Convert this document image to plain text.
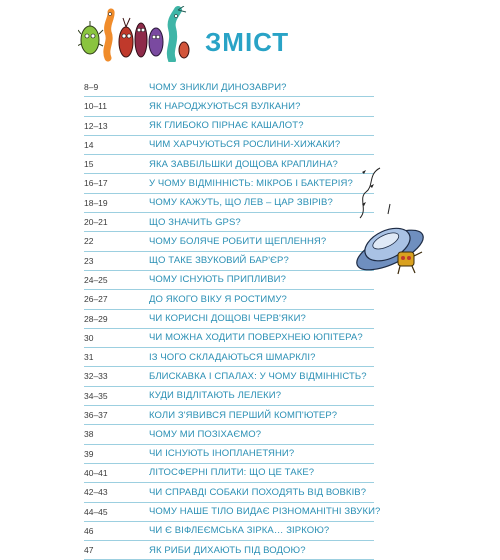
ЗМІСТ
8–9	ЧОМУ ЗНИКЛИ ДИНОЗАВРИ?
10–11	ЯК НАРОДЖУЮТЬСЯ ВУЛКАНИ?
12–13	ЯК ГЛИБОКО ПІРНАЄ КАШАЛОТ?
14	ЧИМ ХАРЧУЮТЬСЯ РОСЛИНИ-ХИЖАКИ?
15	ЯКА ЗАВБІЛЬШКИ ДОЩОВА КРАПЛИНА?
16–17	У ЧОМУ ВІДМІННІСТЬ: МІКРОБ І БАКТЕРІЯ?
18–19	ЧОМУ КАЖУТЬ, ЩО ЛЕВ – ЦАР ЗВІРІВ?
20–21	ЩО ЗНАЧИТЬ GPS?
22	ЧОМУ БОЛЯЧЕ РОБИТИ ЩЕПЛЕННЯ?
23	ЩО ТАКЕ ЗВУКОВИЙ БАР'ЄР?
24–25	ЧОМУ ІСНУЮТЬ ПРИПЛИВИ?
26–27	ДО ЯКОГО ВІКУ Я РОСТИМУ?
28–29	ЧИ КОРИСНІ ДОЩОВІ ЧЕРВ'ЯКИ?
30	ЧИ МОЖНА ХОДИТИ ПОВЕРХНЕЮ ЮПІТЕРА?
31	ІЗ ЧОГО СКЛАДАЮТЬСЯ ШМАРКЛІ?
32–33	БЛИСКАВКА І СПАЛАХ: У ЧОМУ ВІДМІННІСТЬ?
34–35	КУДИ ВІДЛІТАЮТЬ ЛЕЛЕКИ?
36–37	КОЛИ З'ЯВИВСЯ ПЕРШИЙ КОМП'ЮТЕР?
38	ЧОМУ МИ ПОЗІХАЄМО?
39	ЧИ ІСНУЮТЬ ІНОПЛАНЕТЯНИ?
40–41	ЛІТОСФЕРНІ ПЛИТИ: ЩО ЦЕ ТАКЕ?
42–43	ЧИ СПРАВДІ СОБАКИ ПОХОДЯТЬ ВІД ВОВКІВ?
44–45	ЧОМУ НАШЕ ТІЛО ВИДАЄ РІЗНОМАНІТНІ ЗВУКИ?
46	ЧИ Є ВІФЛЕЄМСЬКА ЗІРКА… ЗІРКОЮ?
47	ЯК РИБИ ДИХАЮТЬ ПІД ВОДОЮ?
